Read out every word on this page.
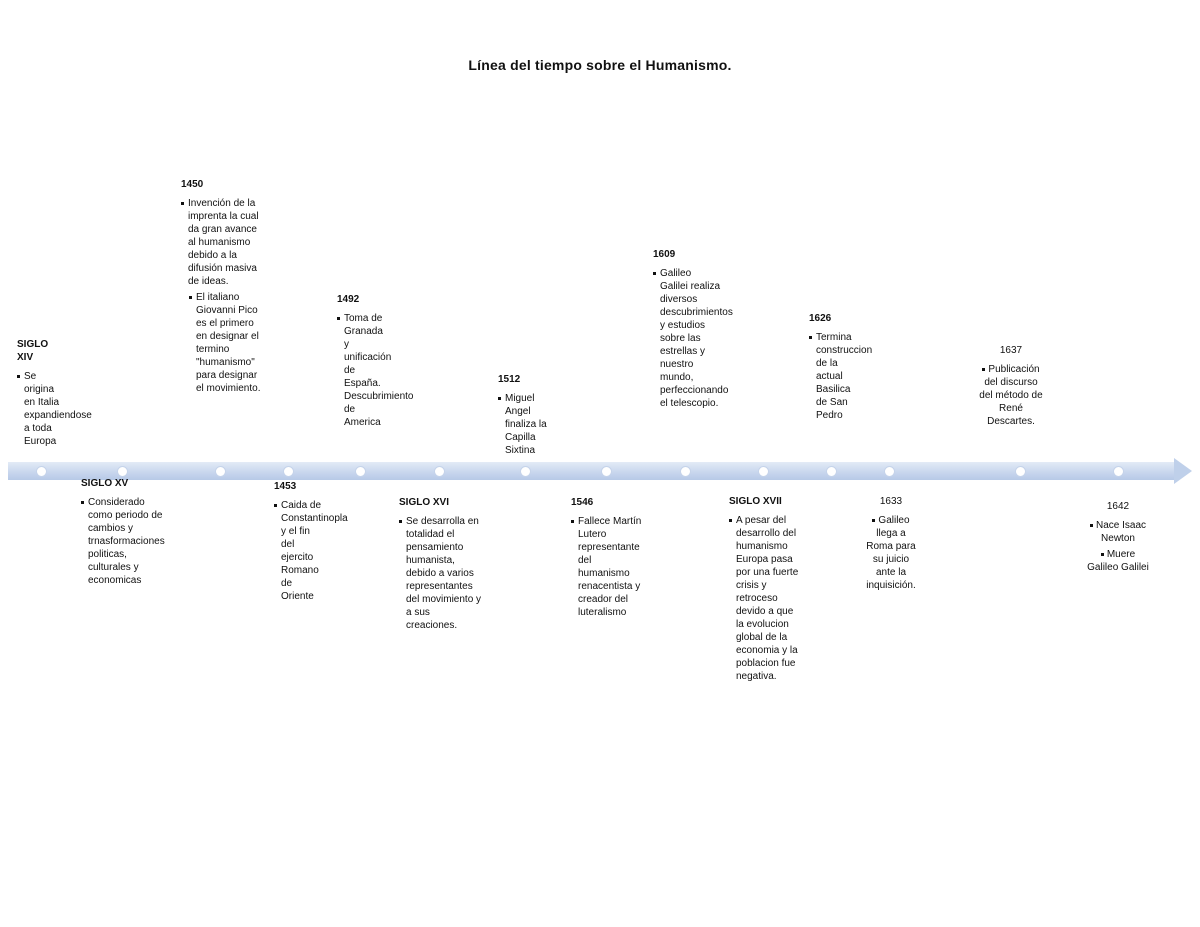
Línea del tiempo sobre el Humanismo.
SIGLO XIV
Se origina en Italia expandiendose a toda Europa
SIGLO XV
Considerado como periodo de cambios y trnasformaciones politicas, culturales y economicas
1450
Invención de la imprenta la cual da gran avance al humanismo debido a la difusión masiva de ideas.
El italiano Giovanni Pico es el primero en designar el termino "humanismo" para designar el movimiento.
1453
Caida de Constantinopla y el fin del ejercito Romano de Oriente
1492
Toma de Granada y unificación de España. Descubrimiento de America
SIGLO XVI
Se desarrolla en totalidad el pensamiento humanista, debido a varios representantes del movimiento y a sus creaciones.
1512
Miguel Angel finaliza la Capilla Sixtina
1546
Fallece Martín Lutero representante del humanismo renacentista y creador del luteralismo
1609
Galileo Galilei realiza diversos descubrimientos y estudios sobre las estrellas y nuestro mundo, perfeccionando el telescopio.
SIGLO XVII
A pesar del desarrollo del humanismo Europa pasa por una fuerte crisis y retroceso devido a que la evolucion global de la economia y la poblacion fue negativa.
1626
Termina construccion de la actual Basilica de San Pedro
1633
Galileo llega a Roma para su juicio ante la inquisición.
1637
Publicación del discurso del método de René Descartes.
1642
Nace Isaac Newton
Muere Galileo Galilei
